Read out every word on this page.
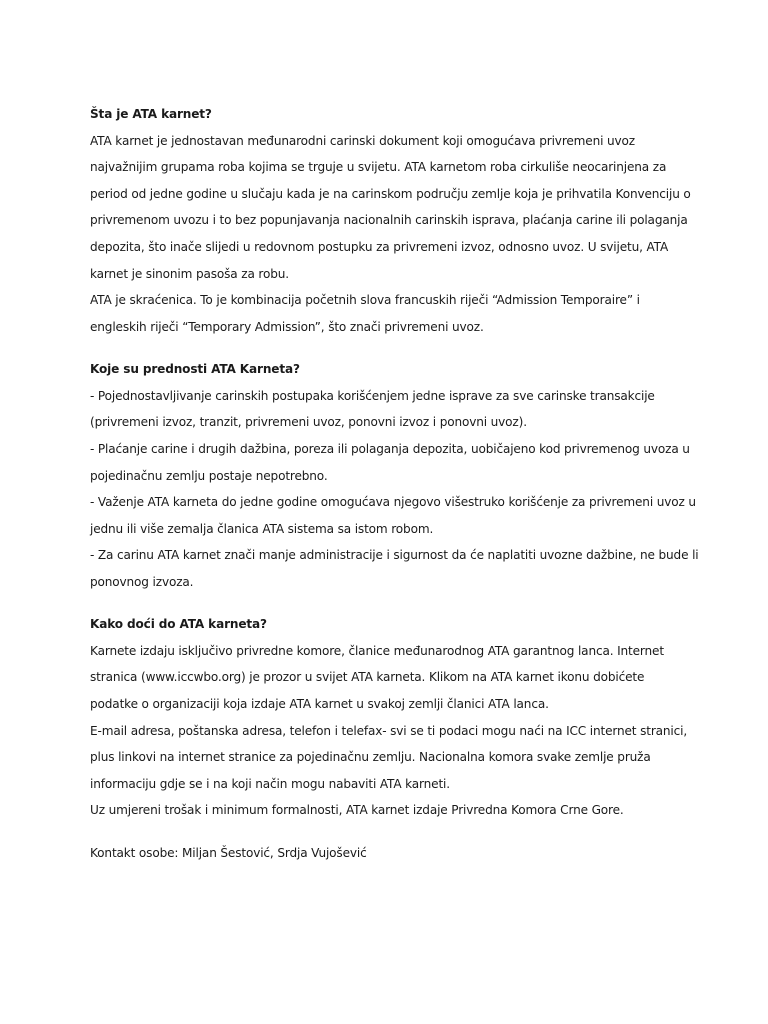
Šta je ATA karnet?
ATA karnet je jednostavan međunarodni carinski dokument koji omogućava privremeni uvoz
najvažnijim grupama roba kojima se trguje u svijetu. ATA karnetom roba cirkuliše neocarinjena za
period od jedne godine u slučaju kada je na carinskom području zemlje koja je prihvatila Konvenciju o
privremenom uvozu i to bez popunjavanja nacionalnih carinskih isprava, plaćanja carine ili polaganja
depozita, što inače slijedi u redovnom postupku za privremeni izvoz, odnosno uvoz. U svijetu, ATA
karnet je sinonim pasoša za robu.
ATA je skraćenica. To je kombinacija početnih slova francuskih riječi “Admission Temporaire” i
engleskih riječi “Temporary Admission”, što znači privremeni uvoz.
Koje su prednosti ATA Karneta?
- Pojednostavljivanje carinskih postupaka korišćenjem jedne isprave za sve carinske transakcije
(privremeni izvoz, tranzit, privremeni uvoz, ponovni izvoz i ponovni uvoz).
- Plaćanje carine i drugih dažbina, poreza ili polaganja depozita, uobičajeno kod privremenog uvoza u
pojedinačnu zemlju postaje nepotrebno.
- Važenje ATA karneta do jedne godine omogućava njegovo višestruko korišćenje za privremeni uvoz u
jednu ili više zemalja članica ATA sistema sa istom robom.
- Za carinu ATA karnet znači manje administracije i sigurnost da će naplatiti uvozne dažbine, ne bude li
ponovnog izvoza.
Kako doći do ATA karneta?
Karnete izdaju isključivo privredne komore, članice međunarodnog ATA garantnog lanca. Internet
stranica (www.iccwbo.org) je prozor u svijet ATA karneta. Klikom na ATA karnet ikonu dobićete
podatke o organizaciji koja izdaje ATA karnet u svakoj zemlji članici ATA lanca.
E-mail adresa, poštanska adresa, telefon i telefax- svi se ti podaci mogu naći na ICC internet stranici,
plus linkovi na internet stranice za pojedinačnu zemlju. Nacionalna komora svake zemlje pruža
informaciju gdje se i na koji način mogu nabaviti ATA karneti.
Uz umjereni trošak i minimum formalnosti, ATA karnet izdaje Privredna Komora Crne Gore.
Kontakt osobe: Miljan Šestović, Srdja Vujošević
